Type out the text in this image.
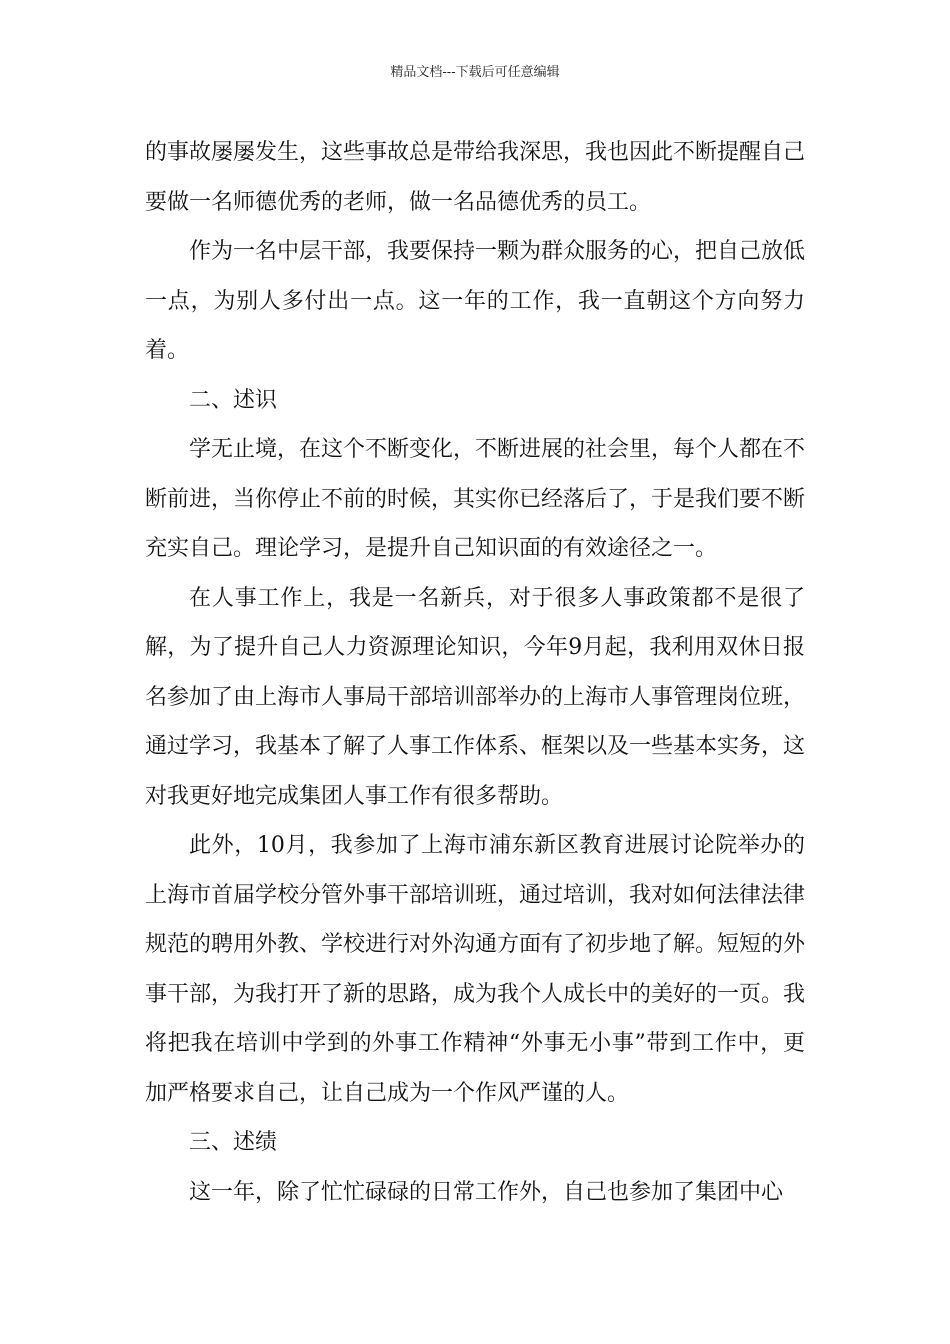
精品文档---下载后可任意编辑

的事故屡屡发生，这些事故总是带给我深思，我也因此不断提醒自己要做一名师德优秀的老师，做一名品德优秀的员工。

作为一名中层干部，我要保持一颗为群众服务的心，把自己放低一点，为别人多付出一点。这一年的工作，我一直朝这个方向努力着。

二、述识

学无止境，在这个不断变化，不断进展的社会里，每个人都在不断前进，当你停止不前的时候，其实你已经落后了，于是我们要不断充实自己。理论学习，是提升自己知识面的有效途径之一。

在人事工作上，我是一名新兵，对于很多人事政策都不是很了解，为了提升自己人力资源理论知识，今年9月起，我利用双休日报名参加了由上海市人事局干部培训部举办的上海市人事管理岗位班，通过学习，我基本了解了人事工作体系、框架以及一些基本实务，这对我更好地完成集团人事工作有很多帮助。

此外，10月，我参加了上海市浦东新区教育进展讨论院举办的上海市首届学校分管外事干部培训班，通过培训，我对如何法律法律规范的聘用外教、学校进行对外沟通方面有了初步地了解。短短的外事干部，为我打开了新的思路，成为我个人成长中的美好的一页。我将把我在培训中学到的外事工作精神“外事无小事”带到工作中，更加严格要求自己，让自己成为一个作风严谨的人。

三、述绩

这一年，除了忙忙碌碌的日常工作外，自己也参加了集团中心
